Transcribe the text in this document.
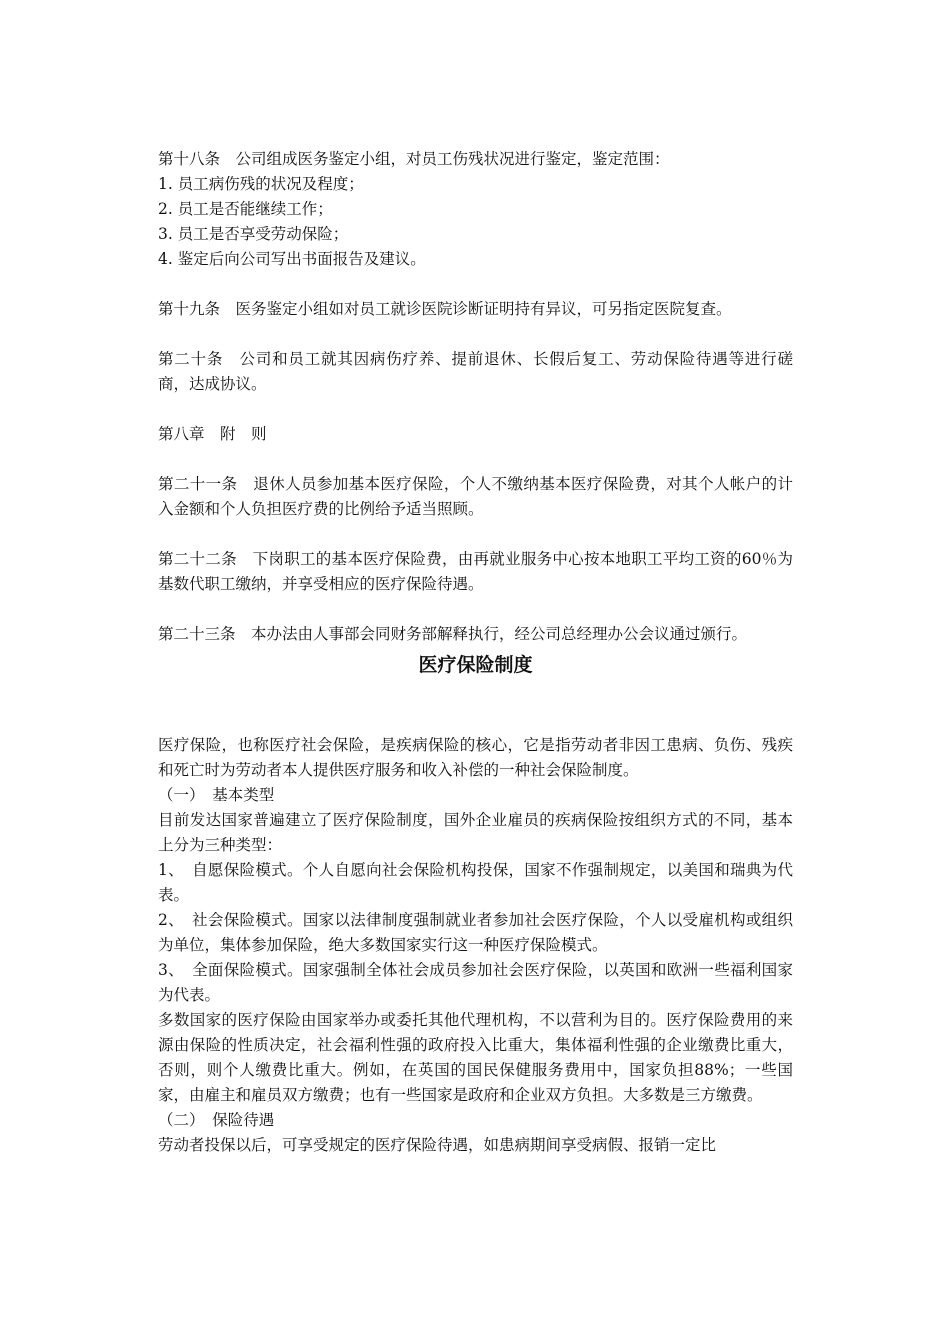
第十八条　公司组成医务鉴定小组，对员工伤残状况进行鉴定，鉴定范围：

1. 员工病伤残的状况及程度；

2. 员工是否能继续工作；

3. 员工是否享受劳动保险；

4. 鉴定后向公司写出书面报告及建议。

第十九条　医务鉴定小组如对员工就诊医院诊断证明持有异议，可另指定医院复查。

第二十条　公司和员工就其因病伤疗养、提前退休、长假后复工、劳动保险待遇等进行磋商，达成协议。

第八章　附　则

第二十一条　退休人员参加基本医疗保险，个人不缴纳基本医疗保险费，对其个人帐户的计入金额和个人负担医疗费的比例给予适当照顾。

第二十二条　下岗职工的基本医疗保险费，由再就业服务中心按本地职工平均工资的60％为基数代职工缴纳，并享受相应的医疗保险待遇。

第二十三条　本办法由人事部会同财务部解释执行，经公司总经理办公会议通过颁行。

医疗保险制度

医疗保险，也称医疗社会保险，是疾病保险的核心，它是指劳动者非因工患病、负伤、残疾和死亡时为劳动者本人提供医疗服务和收入补偿的一种社会保险制度。

（一）　基本类型

目前发达国家普遍建立了医疗保险制度，国外企业雇员的疾病保险按组织方式的不同，基本上分为三种类型：

1、　自愿保险模式。个人自愿向社会保险机构投保，国家不作强制规定，以美国和瑞典为代表。

2、　社会保险模式。国家以法律制度强制就业者参加社会医疗保险，个人以受雇机构或组织为单位，集体参加保险，绝大多数国家实行这一种医疗保险模式。

3、　全面保险模式。国家强制全体社会成员参加社会医疗保险，以英国和欧洲一些福利国家为代表。

多数国家的医疗保险由国家举办或委托其他代理机构，不以营利为目的。医疗保险费用的来源由保险的性质决定，社会福利性强的政府投入比重大，集体福利性强的企业缴费比重大，否则，则个人缴费比重大。例如，在英国的国民保健服务费用中，国家负担88%；一些国家，由雇主和雇员双方缴费；也有一些国家是政府和企业双方负担。大多数是三方缴费。

（二）　保险待遇

劳动者投保以后，可享受规定的医疗保险待遇，如患病期间享受病假、报销一定比
